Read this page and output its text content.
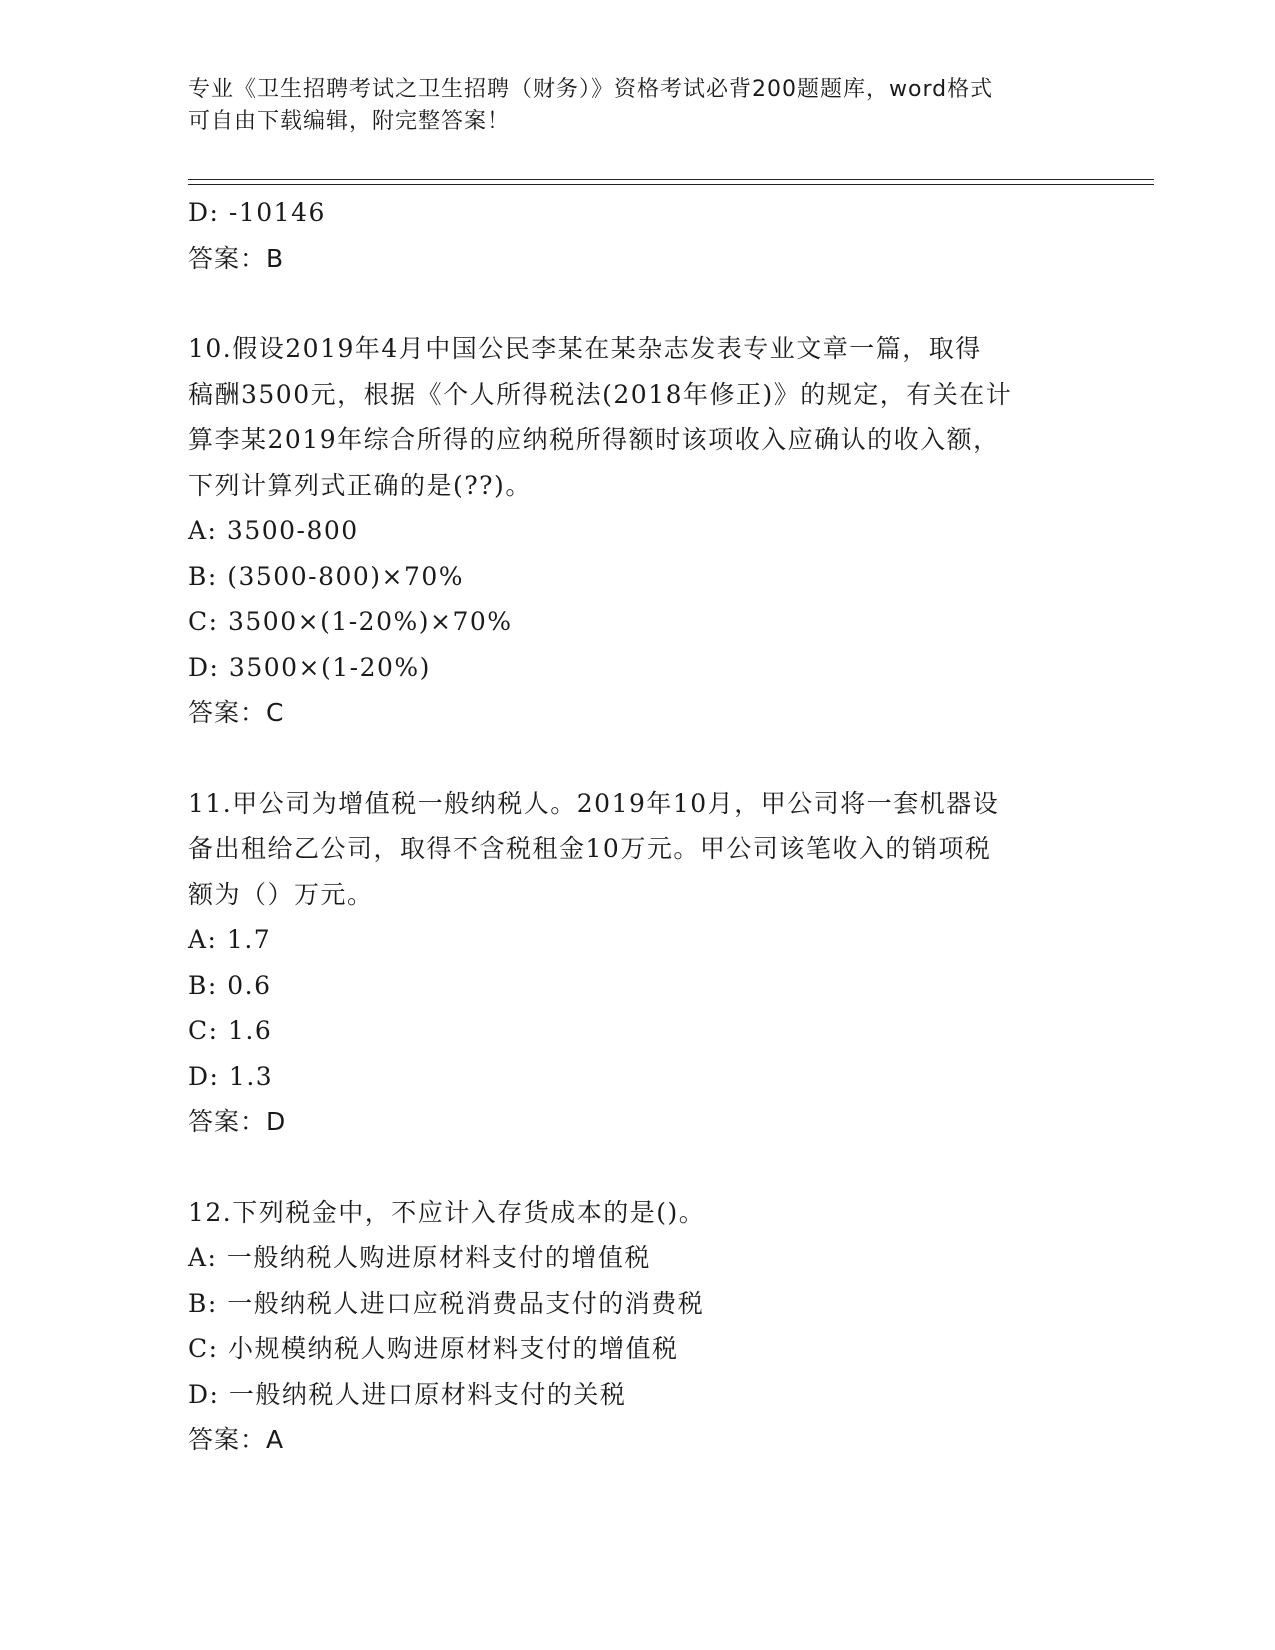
专业《卫生招聘考试之卫生招聘（财务）》资格考试必背200题题库，word格式
可自由下载编辑，附完整答案！
D: -10146
答案：B
10.假设2019年4月中国公民李某在某杂志发表专业文章一篇，取得
稿酬3500元，根据《个人所得税法(2018年修正)》的规定，有关在计
算李某2019年综合所得的应纳税所得额时该项收入应确认的收入额，
下列计算列式正确的是(??)。
A: 3500-800
B: (3500-800)×70%
C: 3500×(1-20%)×70%
D: 3500×(1-20%)
答案：C
11.甲公司为增值税一般纳税人。2019年10月，甲公司将一套机器设
备出租给乙公司，取得不含税租金10万元。甲公司该笔收入的销项税
额为（）万元。
A: 1.7
B: 0.6
C: 1.6
D: 1.3
答案：D
12.下列税金中，不应计入存货成本的是()。
A: 一般纳税人购进原材料支付的增值税
B: 一般纳税人进口应税消费品支付的消费税
C: 小规模纳税人购进原材料支付的增值税
D: 一般纳税人进口原材料支付的关税
答案：A
